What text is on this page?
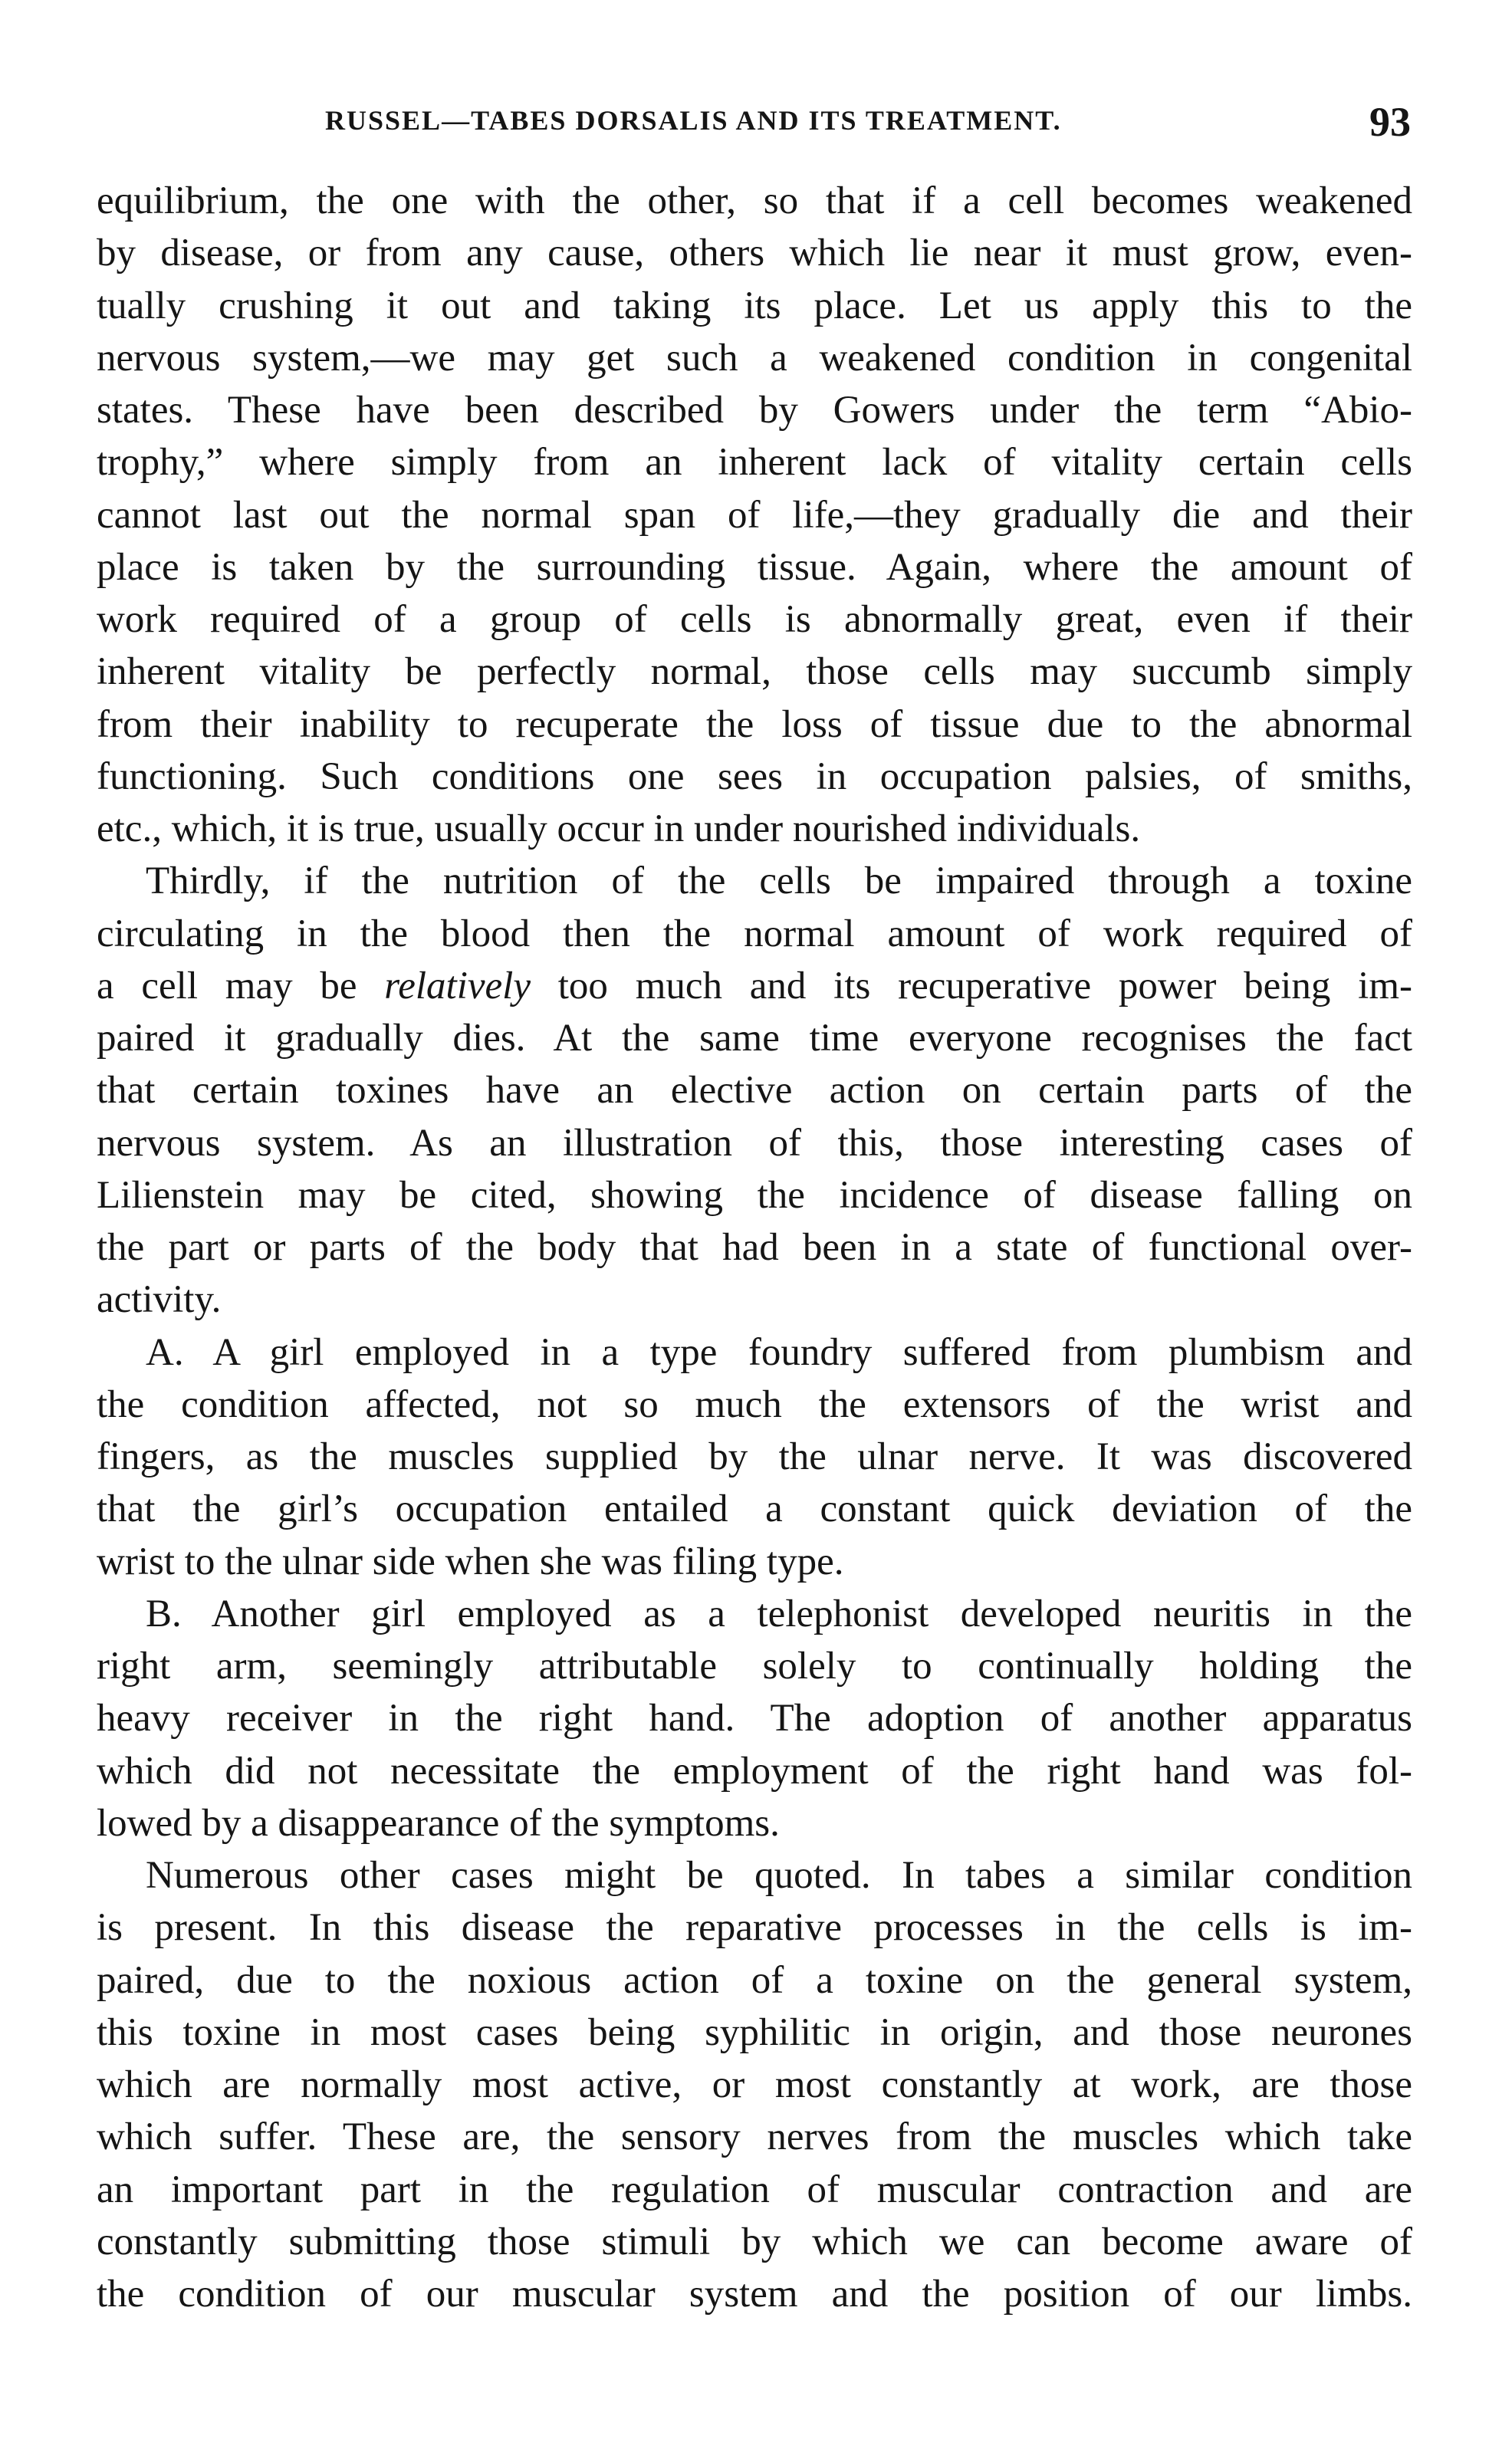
RUSSEL—TABES DORSALIS AND ITS TREATMENT.	93
equilibrium, the one with the other, so that if a cell becomes weakened
by disease, or from any cause, others which lie near it must grow, even-
tually crushing it out and taking its place. Let us apply this to the
nervous system,—we may get such a weakened condition in congenital
states. These have been described by Gowers under the term “Abio-
trophy,” where simply from an inherent lack of vitality certain cells
cannot last out the normal span of life,—they gradually die and their
place is taken by the surrounding tissue. Again, where the amount of
work required of a group of cells is abnormally great, even if their
inherent vitality be perfectly normal, those cells may succumb simply
from their inability to recuperate the loss of tissue due to the abnormal
functioning. Such conditions one sees in occupation palsies, of smiths,
etc., which, it is true, usually occur in under nourished individuals.
Thirdly, if the nutrition of the cells be impaired through a toxine
circulating in the blood then the normal amount of work required of
a cell may be relatively too much and its recuperative power being im-
paired it gradually dies. At the same time everyone recognises the fact
that certain toxines have an elective action on certain parts of the
nervous system. As an illustration of this, those interesting cases of
Lilienstein may be cited, showing the incidence of disease falling on
the part or parts of the body that had been in a state of functional over-
activity.
A. A girl employed in a type foundry suffered from plumbism and
the condition affected, not so much the extensors of the wrist and
fingers, as the muscles supplied by the ulnar nerve. It was discovered
that the girl’s occupation entailed a constant quick deviation of the
wrist to the ulnar side when she was filing type.
B. Another girl employed as a telephonist developed neuritis in the
right arm, seemingly attributable solely to continually holding the
heavy receiver in the right hand. The adoption of another apparatus
which did not necessitate the employment of the right hand was fol-
lowed by a disappearance of the symptoms.
Numerous other cases might be quoted. In tabes a similar condition
is present. In this disease the reparative processes in the cells is im-
paired, due to the noxious action of a toxine on the general system,
this toxine in most cases being syphilitic in origin, and those neurones
which are normally most active, or most constantly at work, are those
which suffer. These are, the sensory nerves from the muscles which take
an important part in the regulation of muscular contraction and are
constantly submitting those stimuli by which we can become aware of
the condition of our muscular system and the position of our limbs.
